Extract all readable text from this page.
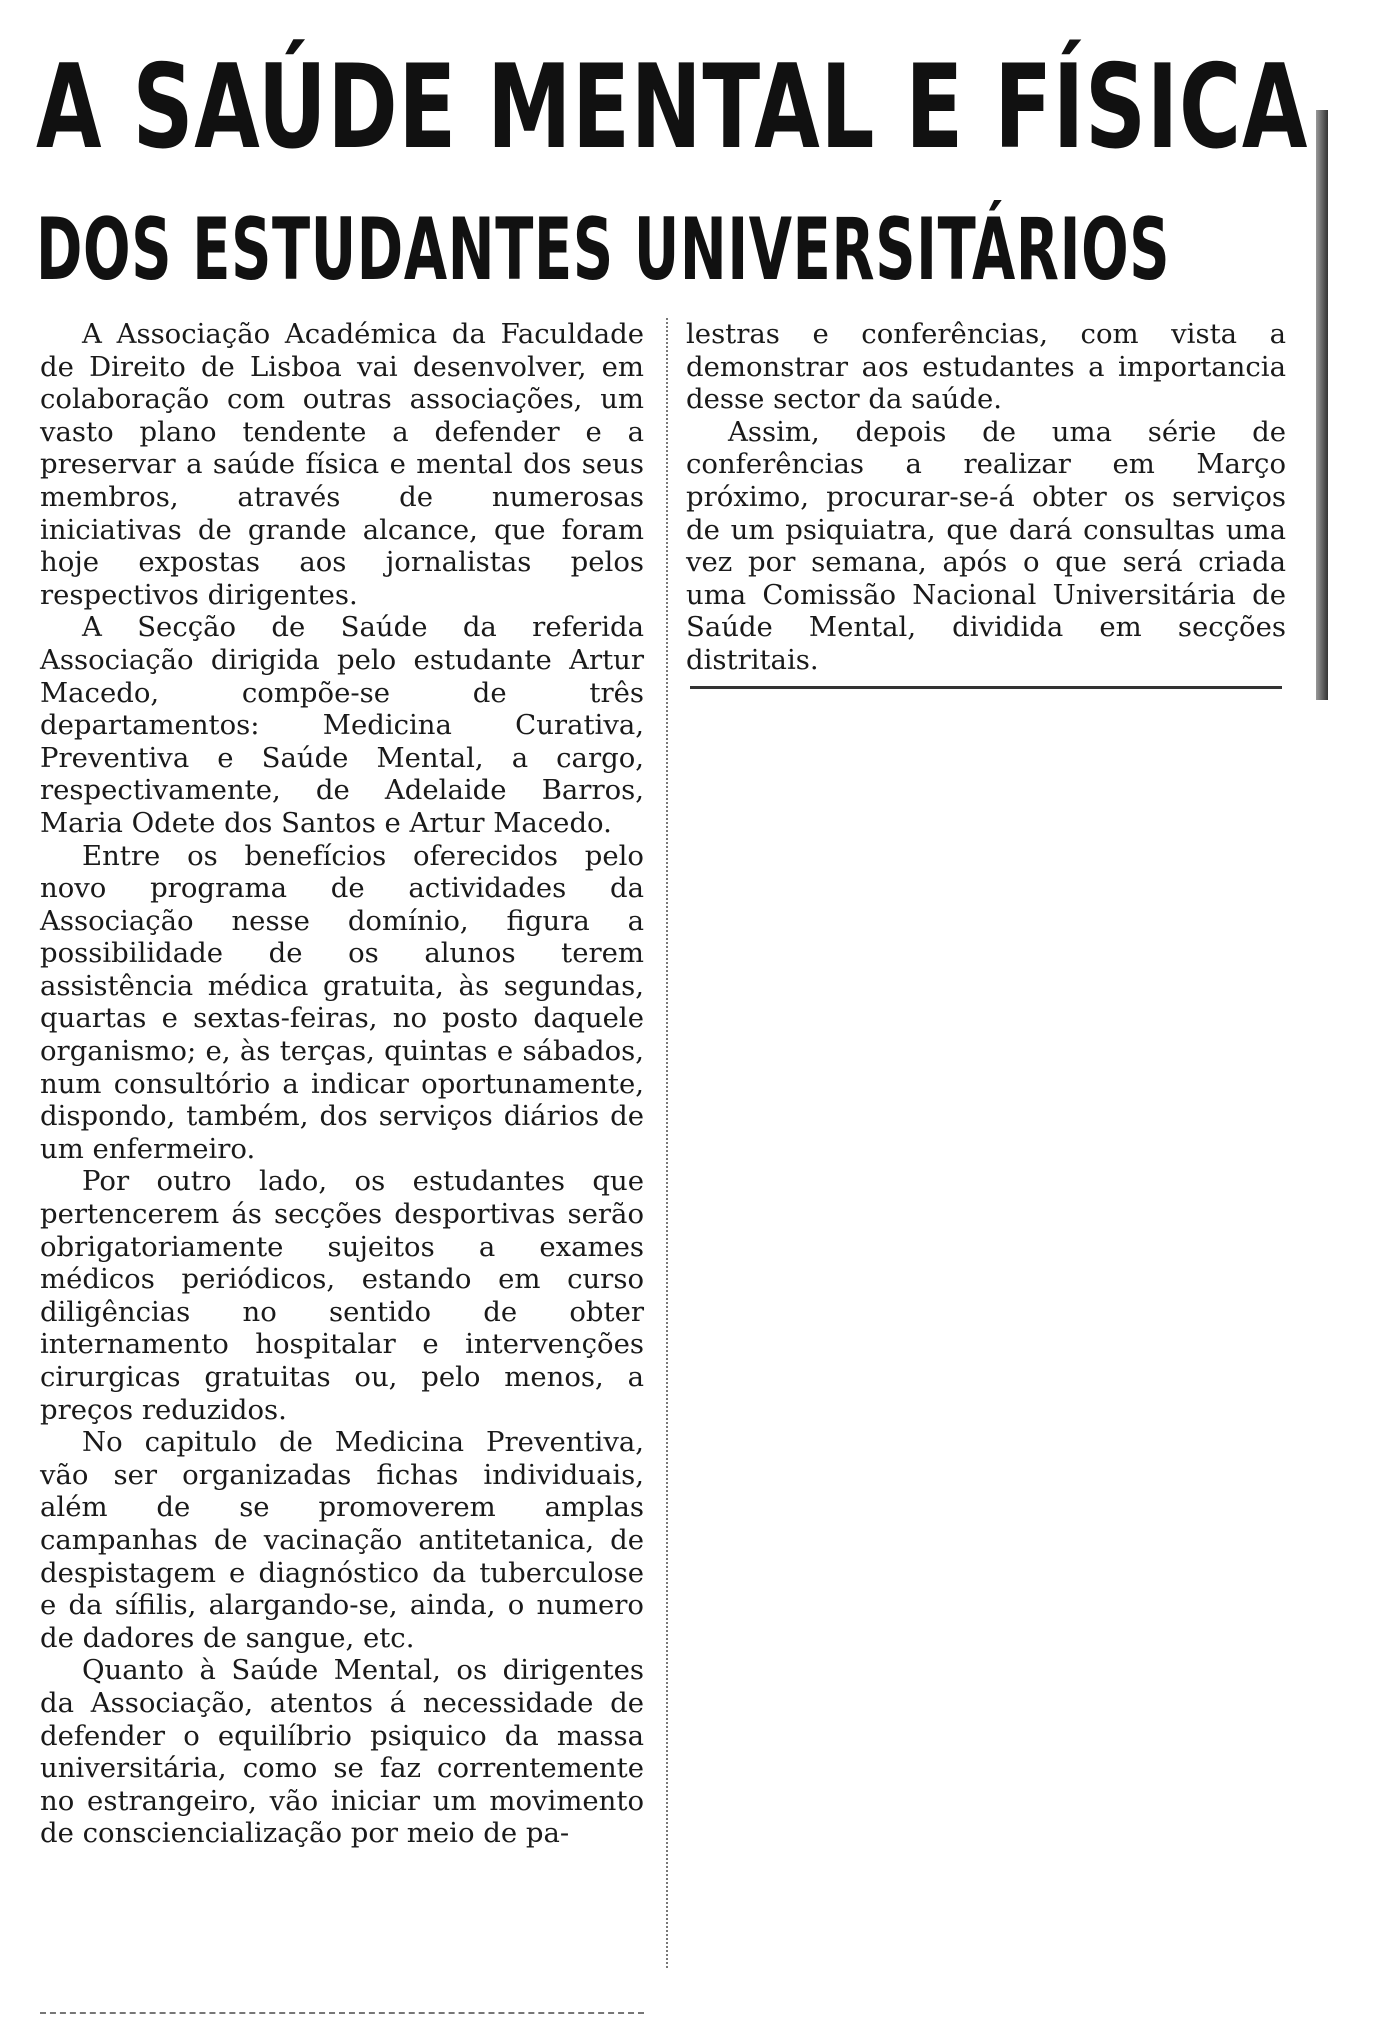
A SAÚDE MENTAL E FÍSICA
DOS ESTUDANTES UNIVERSITÁRIOS

A Associação Académica da Faculdade de Direito de Lisboa vai desenvolver, em colaboração com outras associações, um vasto plano tendente a defender e a preservar a saúde física e mental dos seus membros, através de numerosas iniciativas de grande alcance, que foram hoje expostas aos jornalistas pelos respectivos dirigentes.

A Secção de Saúde da referida Associação dirigida pelo estudante Artur Macedo, compõe-se de três departamentos: Medicina Curativa, Preventiva e Saúde Mental, a cargo, respectivamente, de Adelaide Barros, Maria Odete dos Santos e Artur Macedo.

Entre os benefícios oferecidos pelo novo programa de actividades da Associação nesse domínio, figura a possibilidade de os alunos terem assistência médica gratuita, às segundas, quartas e sextas-feiras, no posto daquele organismo; e, às terças, quintas e sábados, num consultório a indicar oportunamente, dispondo, também, dos serviços diários de um enfermeiro.

Por outro lado, os estudantes que pertencerem ás secções desportivas serão obrigatoriamente sujeitos a exames médicos periódicos, estando em curso diligências no sentido de obter internamento hospitalar e intervenções cirurgicas gratuitas ou, pelo menos, a preços reduzidos.

No capitulo de Medicina Preventiva, vão ser organizadas fichas individuais, além de se promoverem amplas campanhas de vacinação antitetanica, de despistagem e diagnóstico da tuberculose e da sífilis, alargando-se, ainda, o numero de dadores de sangue, etc.

Quanto à Saúde Mental, os dirigentes da Associação, atentos á necessidade de defender o equilíbrio psiquico da massa universitária, como se faz correntemente no estrangeiro, vão iniciar um movimento de consciencialização por meio de pa-

lestras e conferências, com vista a demonstrar aos estudantes a importancia desse sector da saúde.

Assim, depois de uma série de conferências a realizar em Março próximo, procurar-se-á obter os serviços de um psiquiatra, que dará consultas uma vez por semana, após o que será criada uma Comissão Nacional Universitária de Saúde Mental, dividida em secções distritais.
